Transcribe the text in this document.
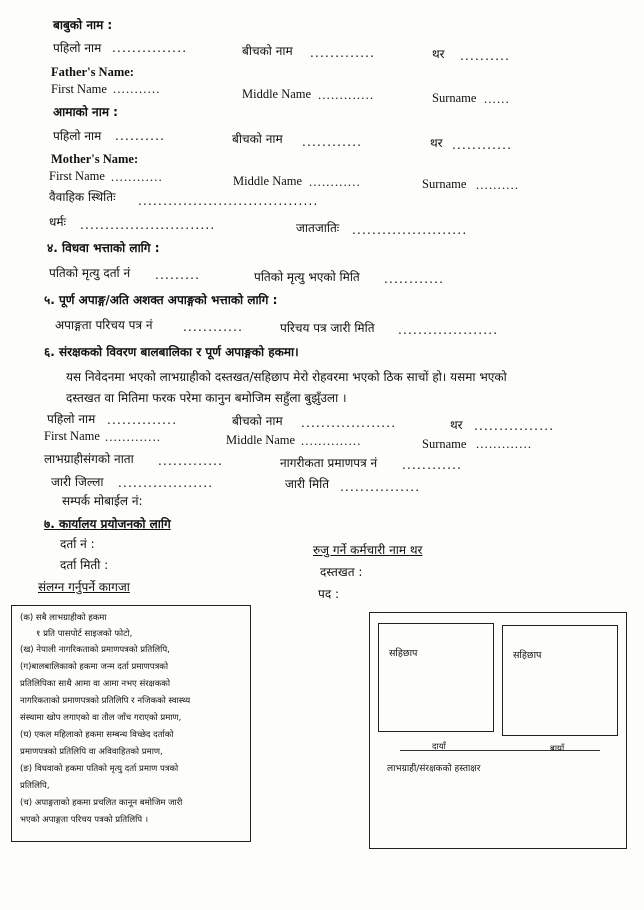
बाबुको नाम :
पहिलो नाम ...............	बीचको नाम .............	थर ..........
Father's Name:
First Name ...........	Middle Name .............	Surname ......
आमाको नाम :
पहिलो नाम ..........	बीचको नाम ............	थर ............
Mother's Name:
First Name ............	Middle Name ............	Surname ..........
वैवाहिक स्थितिः ....................................
धर्मः ...........................	जातजातिः .......................
४. विधवा भत्ताको लागि :
पतिको मृत्यु दर्ता नं .........	पतिको मृत्यु भएको मिति ............
५. पूर्ण अपाङ्ग/अति अशक्त अपाङ्गको भत्ताको लागि :
अपाङ्गता परिचय पत्र नं	............	परिचय पत्र जारी मिति ....................
६. संरक्षकको विवरण बालबालिका र पूर्ण अपाङ्गको हकमा।
यस निवेदनमा भएको लाभग्राहीको दस्तखत/सहिछाप मेरो रोहवरमा भएको ठिक साचों हो। यसमा भएको
दस्तखत वा मितिमा फरक परेमा कानुन बमोजिम सहुँला बुझुँउला ।
पहिलो नाम ..............	बीचको नाम ...................	थर ................
First Name .............	Middle Name ..............	Surname .............
लाभग्राहीसंगको नाता .............	नागरीकता प्रमाणपत्र नं ............
जारी जिल्ला ...................	जारी मिति ................
सम्पर्क मोबाईल नं:
७. कार्यालय प्रयोजनको लागि
दर्ता नं :
दर्ता मिती :
रुजु गर्ने कर्मचारी नाम थर
दस्तखत :
पद :
संलग्न गर्नुपर्ने कागजा
(क) सबै लाभग्राहीको हकमा
१ प्रति पासपोर्ट साइजको फोटो,
(ख) नेपाली नागरिकताको प्रमाणपत्रको प्रतिलिपि,
(ग)बालबालिकाको हकमा जन्म दर्ता प्रमाणपत्रको
प्रतिलिपिका साथै आमा वा आमा नभए संरक्षकको
नागरिकताको प्रमाणपत्रको प्रतिलिपि र नजिकको स्वास्थ्य
संस्थामा खोप लगाएको वा तौल जाँच गराएको प्रमाण,
(घ) एकल महिलाको हकमा सम्बन्ध विच्छेद दर्ताको
प्रमाणपत्रको प्रतिलिपि वा अविवाहितको प्रमाण,
(ङ) विधवाको हकमा पतिको मृत्यु दर्ता प्रमाण पत्रको
प्रतिलिपि,
(च) अपाङ्गताको हकमा प्रचलित कानून बमोजिम जारी
भएको अपाङ्गता परिचय पत्रको प्रतिलिपि ।
सहिछाप	सहिछाप
दायाँ	बायाँ
लाभग्राही/संरक्षकको हस्ताक्षर
